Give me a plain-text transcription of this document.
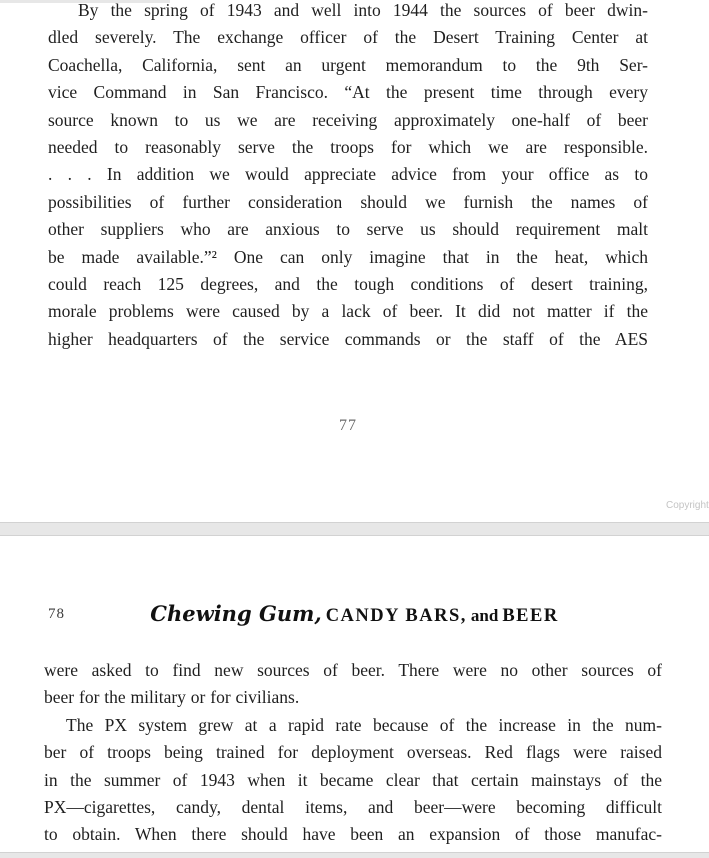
By the spring of 1943 and well into 1944 the sources of beer dwin-
dled severely. The exchange officer of the Desert Training Center at
Coachella, California, sent an urgent memorandum to the 9th Ser-
vice Command in San Francisco. “At the present time through every
source known to us we are receiving approximately one-half of beer
needed to reasonably serve the troops for which we are responsible.
. . . In addition we would appreciate advice from your office as to
possibilities of further consideration should we furnish the names of
other suppliers who are anxious to serve us should requirement malt
be made available.”² One can only imagine that in the heat, which
could reach 125 degrees, and the tough conditions of desert training,
morale problems were caused by a lack of beer. It did not matter if the
higher headquarters of the service commands or the staff of the AES
77
Copyright
78	Chewing Gum, CANDY BARS, and BEER
were asked to find new sources of beer. There were no other sources of
beer for the military or for civilians.
The PX system grew at a rapid rate because of the increase in the num-
ber of troops being trained for deployment overseas. Red flags were raised
in the summer of 1943 when it became clear that certain mainstays of the
PX—cigarettes, candy, dental items, and beer—were becoming difficult
to obtain. When there should have been an expansion of those manufac-
